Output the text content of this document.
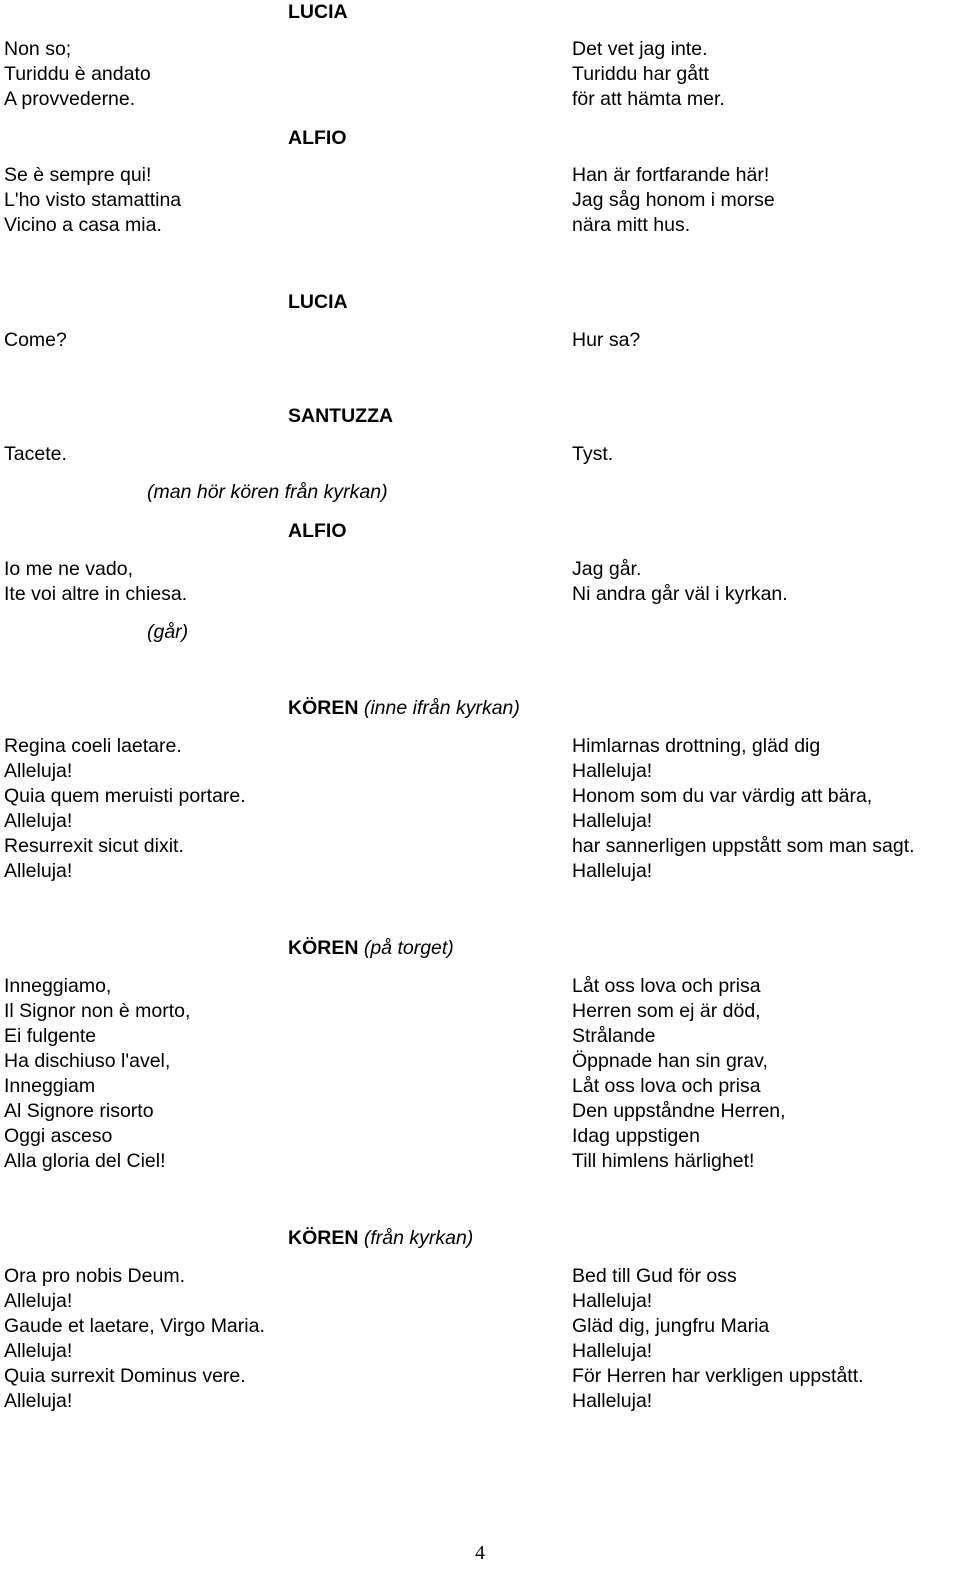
LUCIA
Non so;
Turiddu è andato
A provvederne.
Det vet jag inte.
Turiddu har gått
för att hämta mer.
ALFIO
Se è sempre qui!
L'ho visto stamattina
Vicino a casa mia.
Han är fortfarande här!
Jag såg honom i morse
nära mitt hus.
LUCIA
Come?	Hur sa?
SANTUZZA
Tacete.	Tyst.
(man hör kören från kyrkan)
ALFIO
Io me ne vado,
Ite voi altre in chiesa.
Jag går.
Ni andra går väl i kyrkan.
(går)
KÖREN (inne ifrån kyrkan)
Regina coeli laetare.
Alleluja!
Quia quem meruisti portare.
Alleluja!
Resurrexit sicut dixit.
Alleluja!
Himlarnas drottning, gläd dig
Halleluja!
Honom som du var värdig att bära,
Halleluja!
har sannerligen uppstått som man sagt.
Halleluja!
KÖREN (på torget)
Inneggiamo,
Il Signor non è morto,
Ei fulgente
Ha dischiuso l'avel,
Inneggiam
Al Signore risorto
Oggi asceso
Alla gloria del Ciel!
Låt oss lova och prisa
Herren som ej är död,
Strålande
Öppnade han sin grav,
Låt oss lova och prisa
Den uppståndne Herren,
Idag uppstigen
Till himlens härlighet!
KÖREN (från kyrkan)
Ora pro nobis Deum.
Alleluja!
Gaude et laetare, Virgo Maria.
Alleluja!
Quia surrexit Dominus vere.
Alleluja!
Bed till Gud för oss
Halleluja!
Gläd dig, jungfru Maria
Halleluja!
För Herren har verkligen uppstått.
Halleluja!
4
